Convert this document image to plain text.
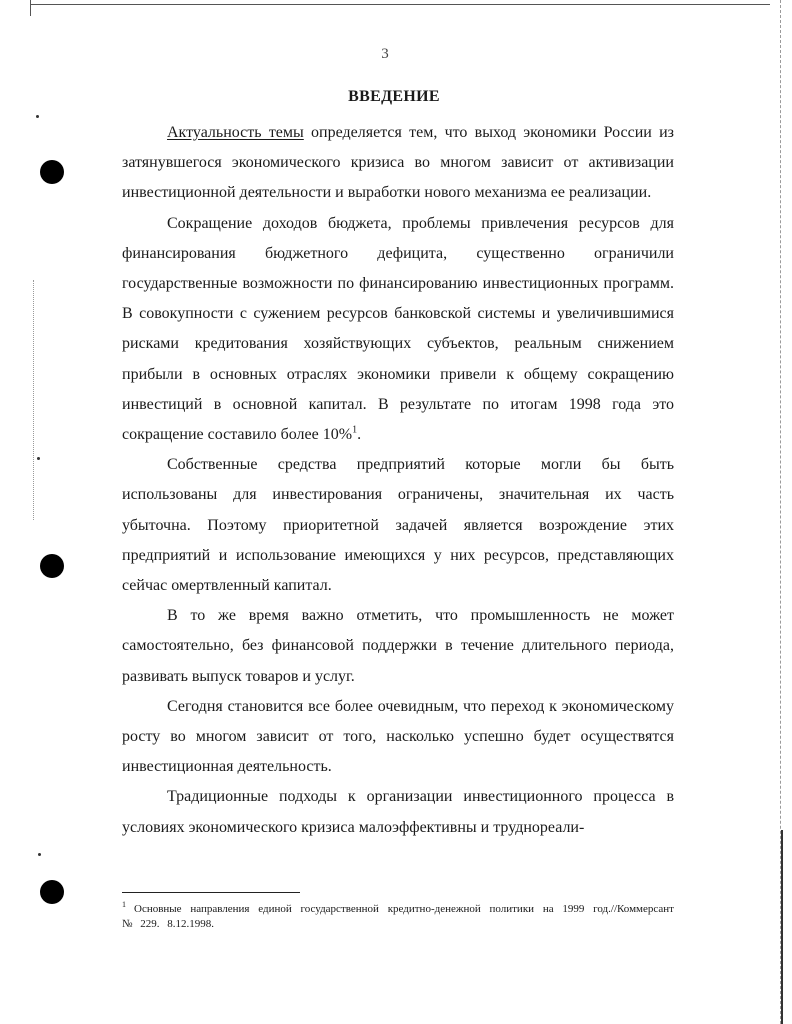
3
ВВЕДЕНИЕ

Актуальность темы определяется тем, что выход экономики России из затянувшегося экономического кризиса во многом зависит от активизации инвестиционной деятельности и выработки нового механизма ее реализации.

Сокращение доходов бюджета, проблемы привлечения ресурсов для финансирования бюджетного дефицита, существенно ограничили государственные возможности по финансированию инвестиционных программ. В совокупности с сужением ресурсов банковской системы и увеличившимися рисками кредитования хозяйствующих субъектов, реальным снижением прибыли в основных отраслях экономики привели к общему сокращению инвестиций в основной капитал. В результате по итогам 1998 года это сокращение составило более 10%$^1$.

Собственные средства предприятий которые могли бы быть использованы для инвестирования ограничены, значительная их часть убыточна. Поэтому приоритетной задачей является возрождение этих предприятий и использование имеющихся у них ресурсов, представляющих сейчас омертвленный капитал.

В то же время важно отметить, что промышленность не может самостоятельно, без финансовой поддержки в течение длительного периода, развивать выпуск товаров и услуг.

Сегодня становится все более очевидным, что переход к экономическому росту во многом зависит от того, насколько успешно будет осуществятся инвестиционная деятельность.

Традиционные подходы к организации инвестиционного процесса в условиях экономического кризиса малоэффективны и труднореали-

$^1$ Основные направления единой государственной кредитно-денежной политики на 1999 год.//Коммерсант № 229. 8.12.1998.
